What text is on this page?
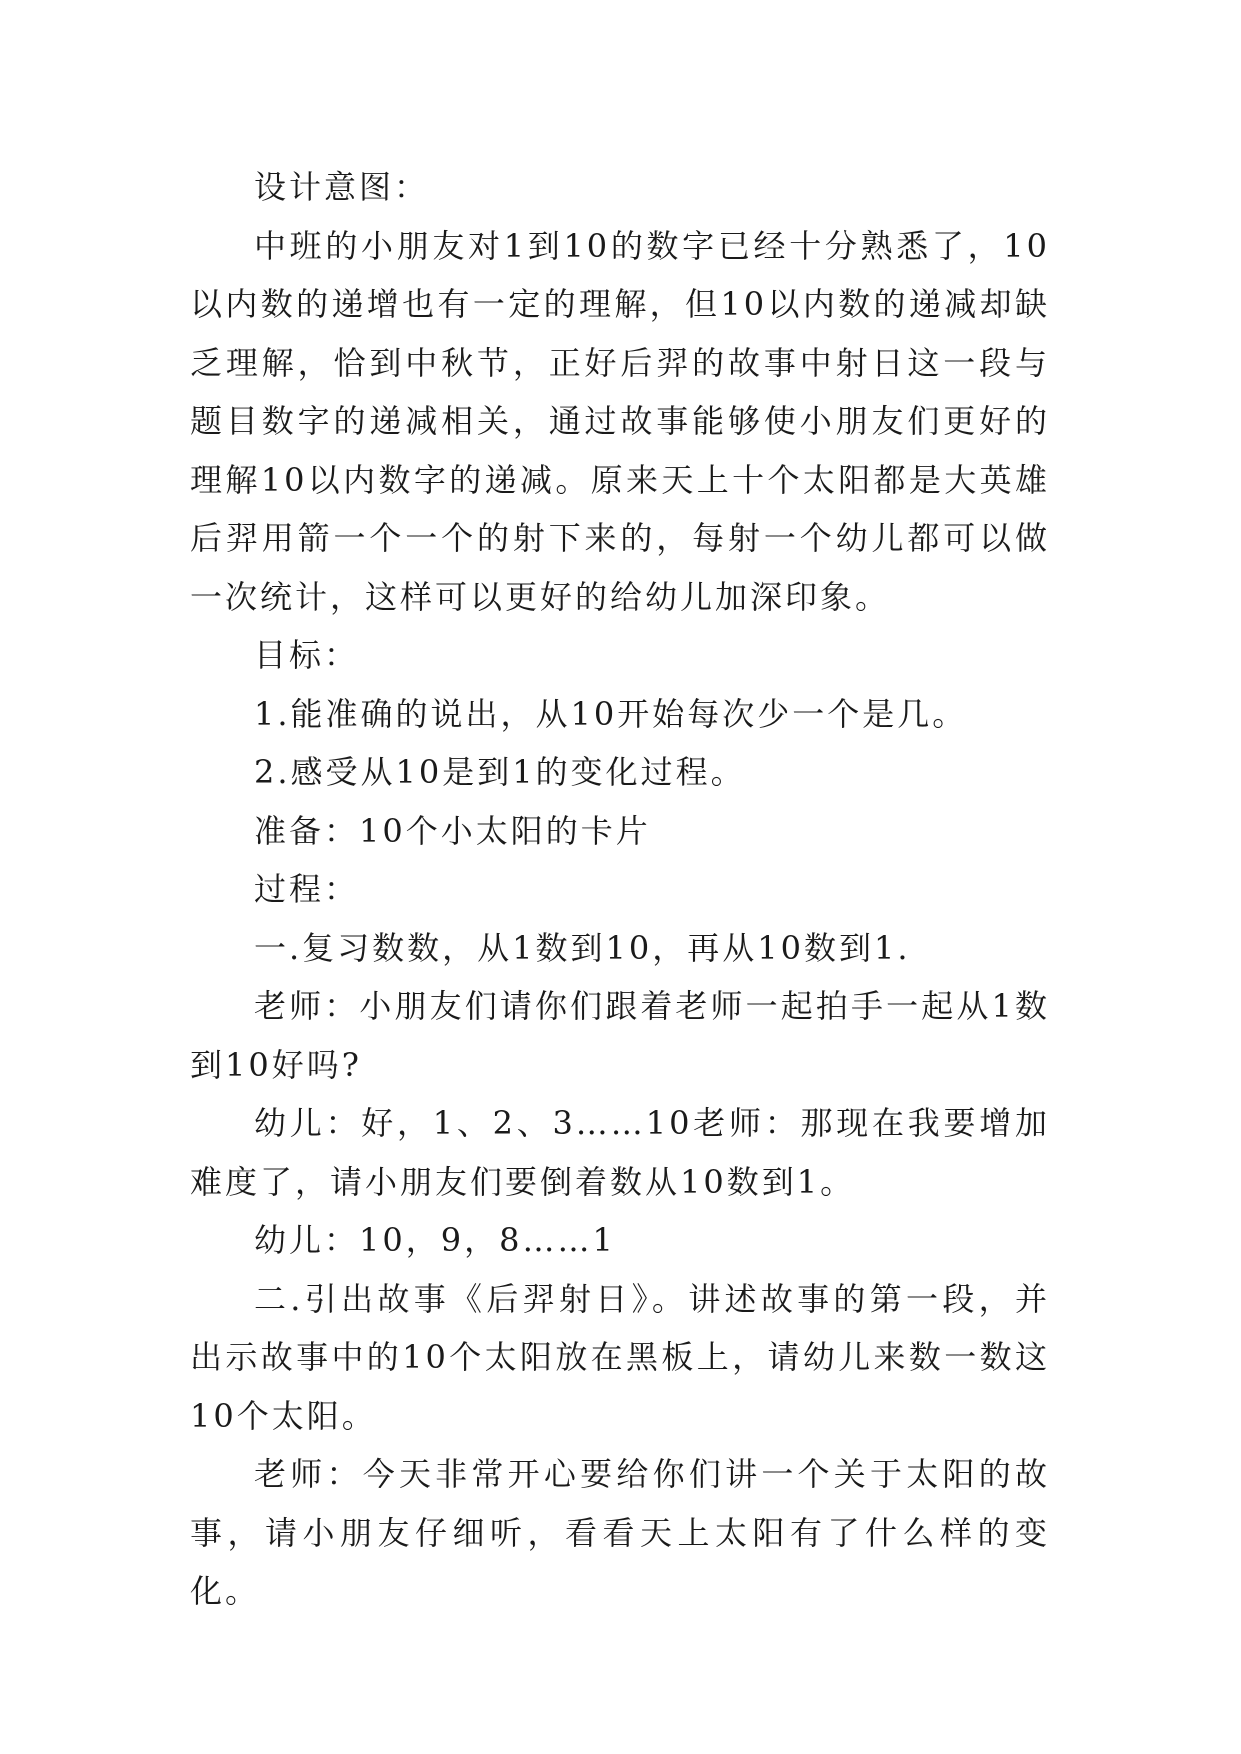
设计意图：

中班的小朋友对1到10的数字已经十分熟悉了，10以内数的递增也有一定的理解，但10以内数的递减却缺乏理解，恰到中秋节，正好后羿的故事中射日这一段与题目数字的递减相关，通过故事能够使小朋友们更好的理解10以内数字的递减。原来天上十个太阳都是大英雄后羿用箭一个一个的射下来的，每射一个幼儿都可以做一次统计，这样可以更好的给幼儿加深印象。

目标：

1.能准确的说出，从10开始每次少一个是几。

2.感受从10是到1的变化过程。

准备：10个小太阳的卡片

过程：

一.复习数数，从1数到10，再从10数到1.

老师：小朋友们请你们跟着老师一起拍手一起从1数到10好吗?

幼儿：好，1、2、3……10老师：那现在我要增加难度了，请小朋友们要倒着数从10数到1。

幼儿：10，9，8……1

二.引出故事《后羿射日》。讲述故事的第一段，并出示故事中的10个太阳放在黑板上，请幼儿来数一数这10个太阳。

老师：今天非常开心要给你们讲一个关于太阳的故事，请小朋友仔细听，看看天上太阳有了什么样的变化。
